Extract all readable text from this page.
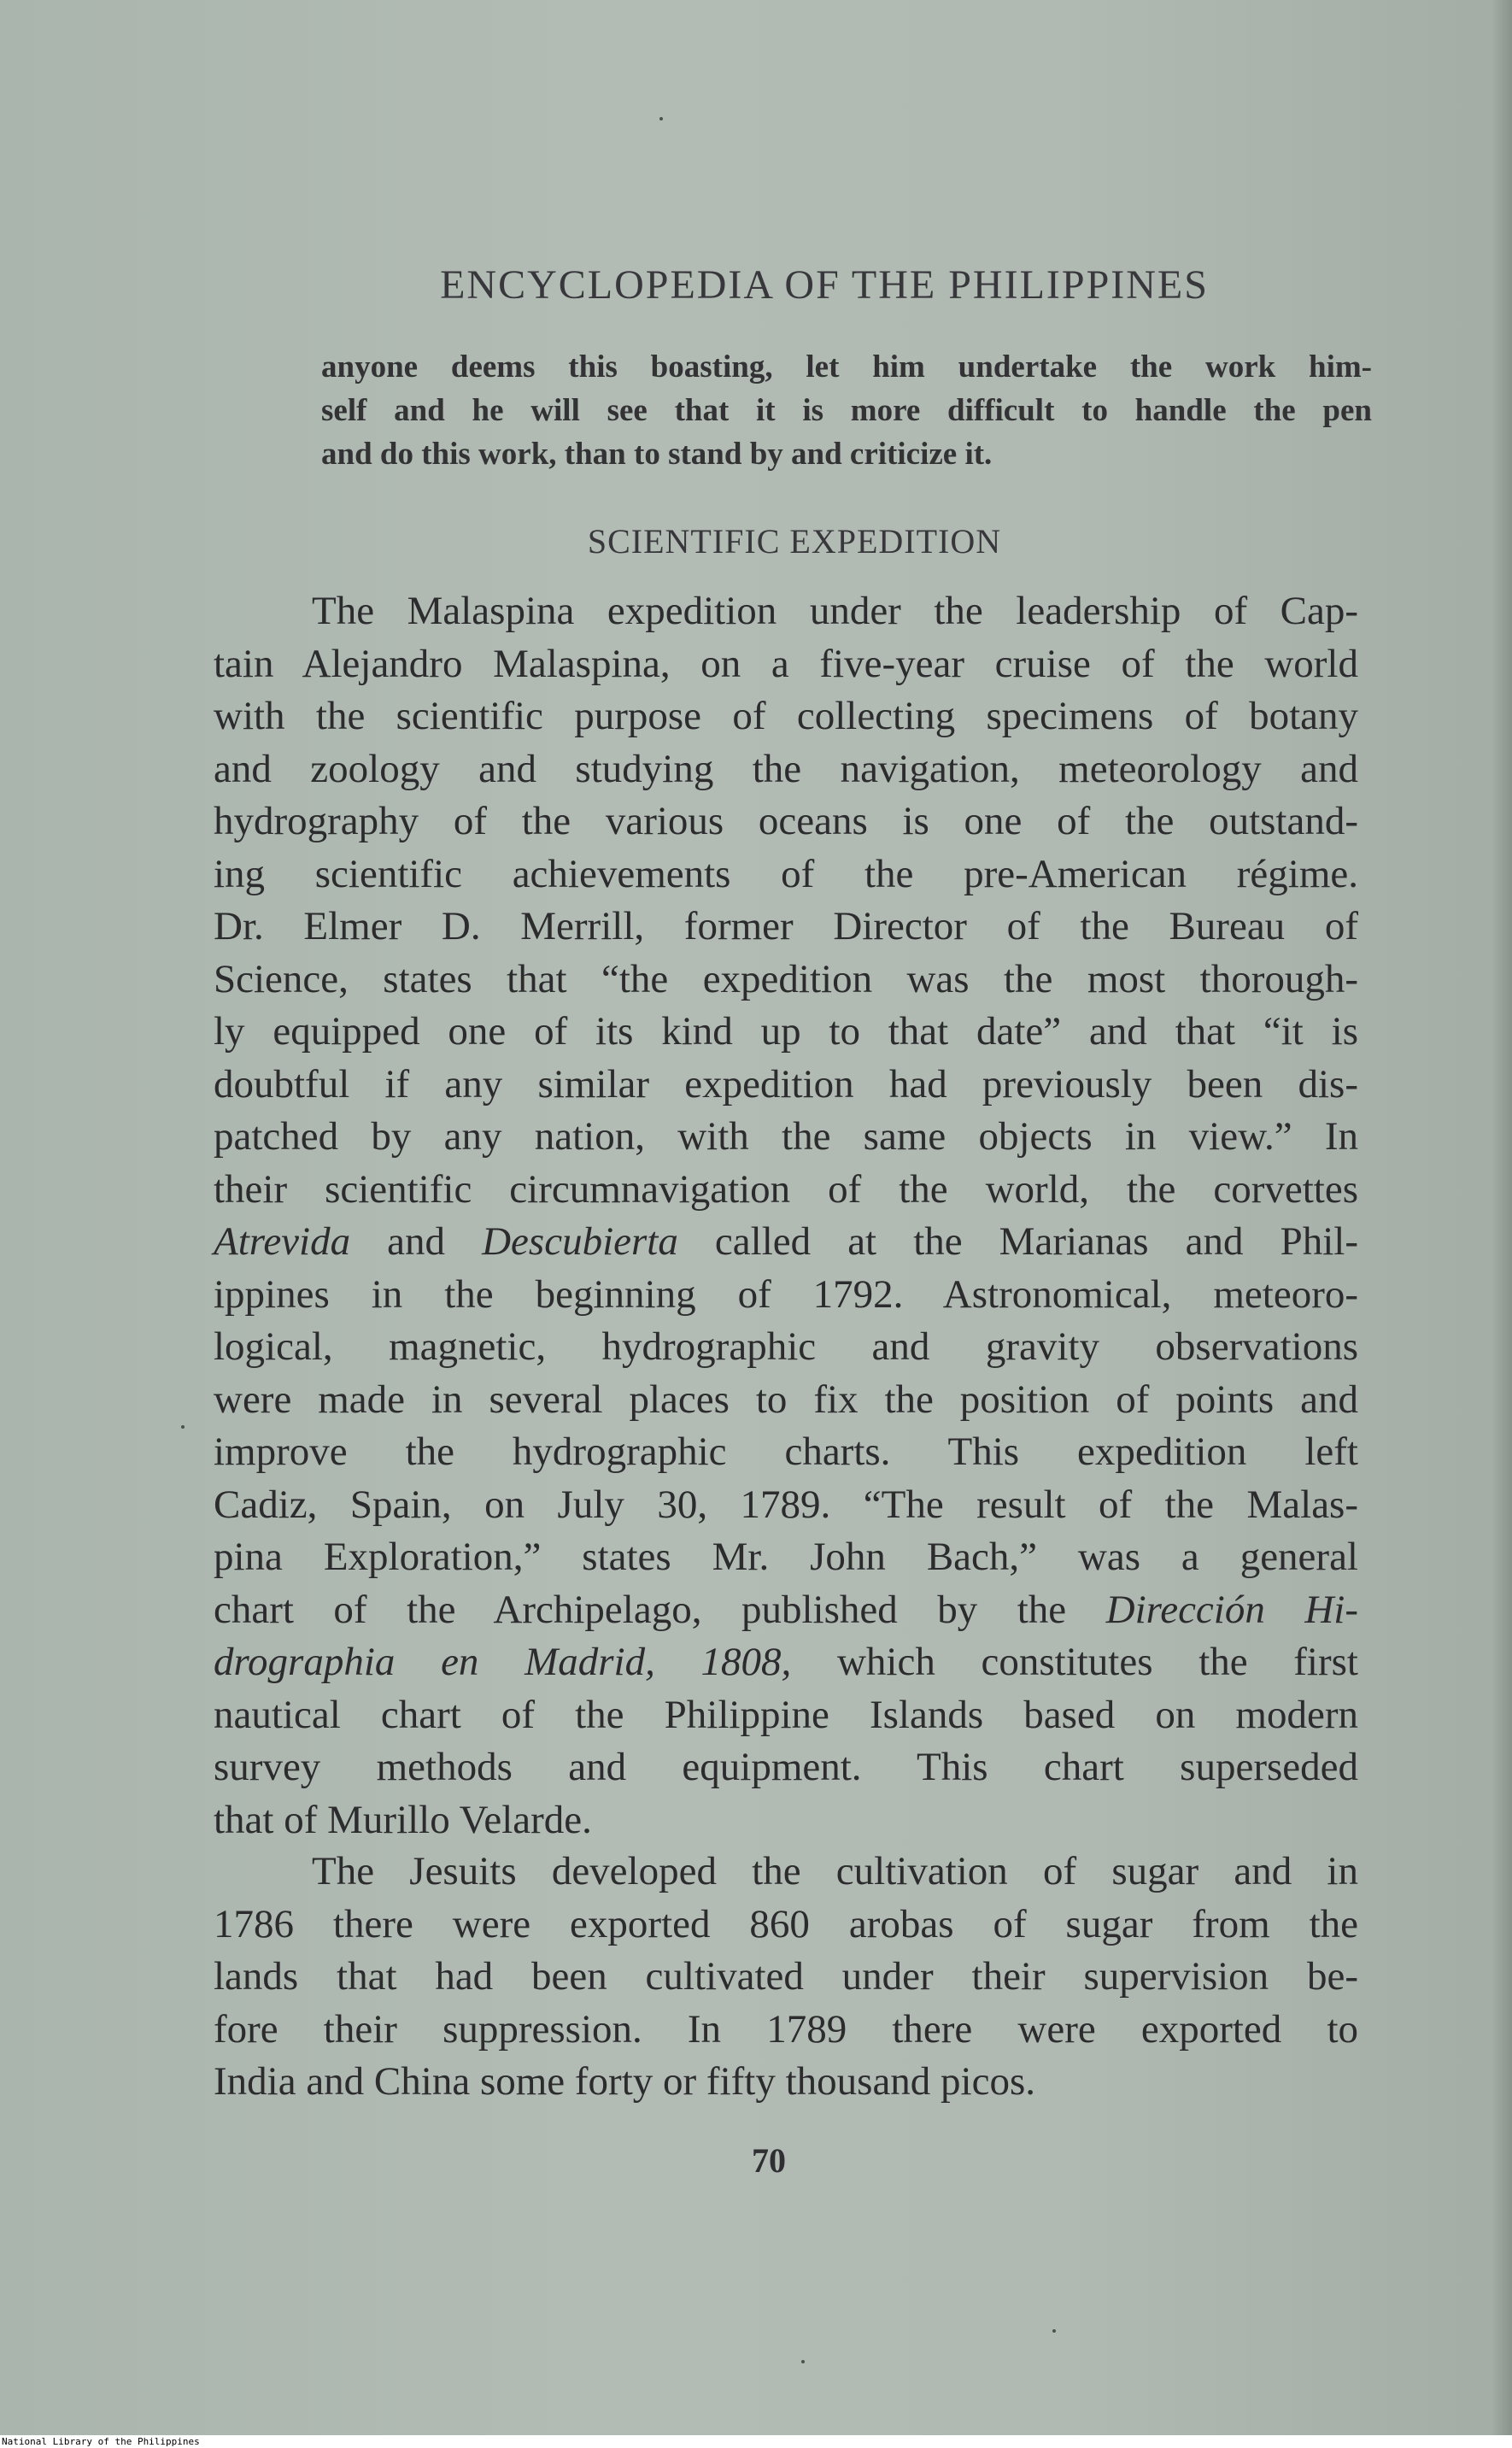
ENCYCLOPEDIA OF THE PHILIPPINES
anyone deems this boasting, let him undertake the work him-
self and he will see that it is more difficult to handle the pen
and do this work, than to stand by and criticize it.
SCIENTIFIC EXPEDITION
The Malaspina expedition under the leadership of Cap-
tain Alejandro Malaspina, on a five-year cruise of the world
with the scientific purpose of collecting specimens of botany
and zoology and studying the navigation, meteorology and
hydrography of the various oceans is one of the outstand-
ing scientific achievements of the pre-American régime.
Dr. Elmer D. Merrill, former Director of the Bureau of
Science, states that “the expedition was the most thorough-
ly equipped one of its kind up to that date” and that “it is
doubtful if any similar expedition had previously been dis-
patched by any nation, with the same objects in view.” In
their scientific circumnavigation of the world, the corvettes
Atrevida and Descubierta called at the Marianas and Phil-
ippines in the beginning of 1792. Astronomical, meteoro-
logical, magnetic, hydrographic and gravity observations
were made in several places to fix the position of points and
improve the hydrographic charts. This expedition left
Cadiz, Spain, on July 30, 1789. “The result of the Malas-
pina Exploration,” states Mr. John Bach,” was a general
chart of the Archipelago, published by the Dirección Hi-
drographia en Madrid, 1808, which constitutes the first
nautical chart of the Philippine Islands based on modern
survey methods and equipment. This chart superseded
that of Murillo Velarde.
The Jesuits developed the cultivation of sugar and in
1786 there were exported 860 arobas of sugar from the
lands that had been cultivated under their supervision be-
fore their suppression. In 1789 there were exported to
India and China some forty or fifty thousand picos.
70
National Library of the Philippines
